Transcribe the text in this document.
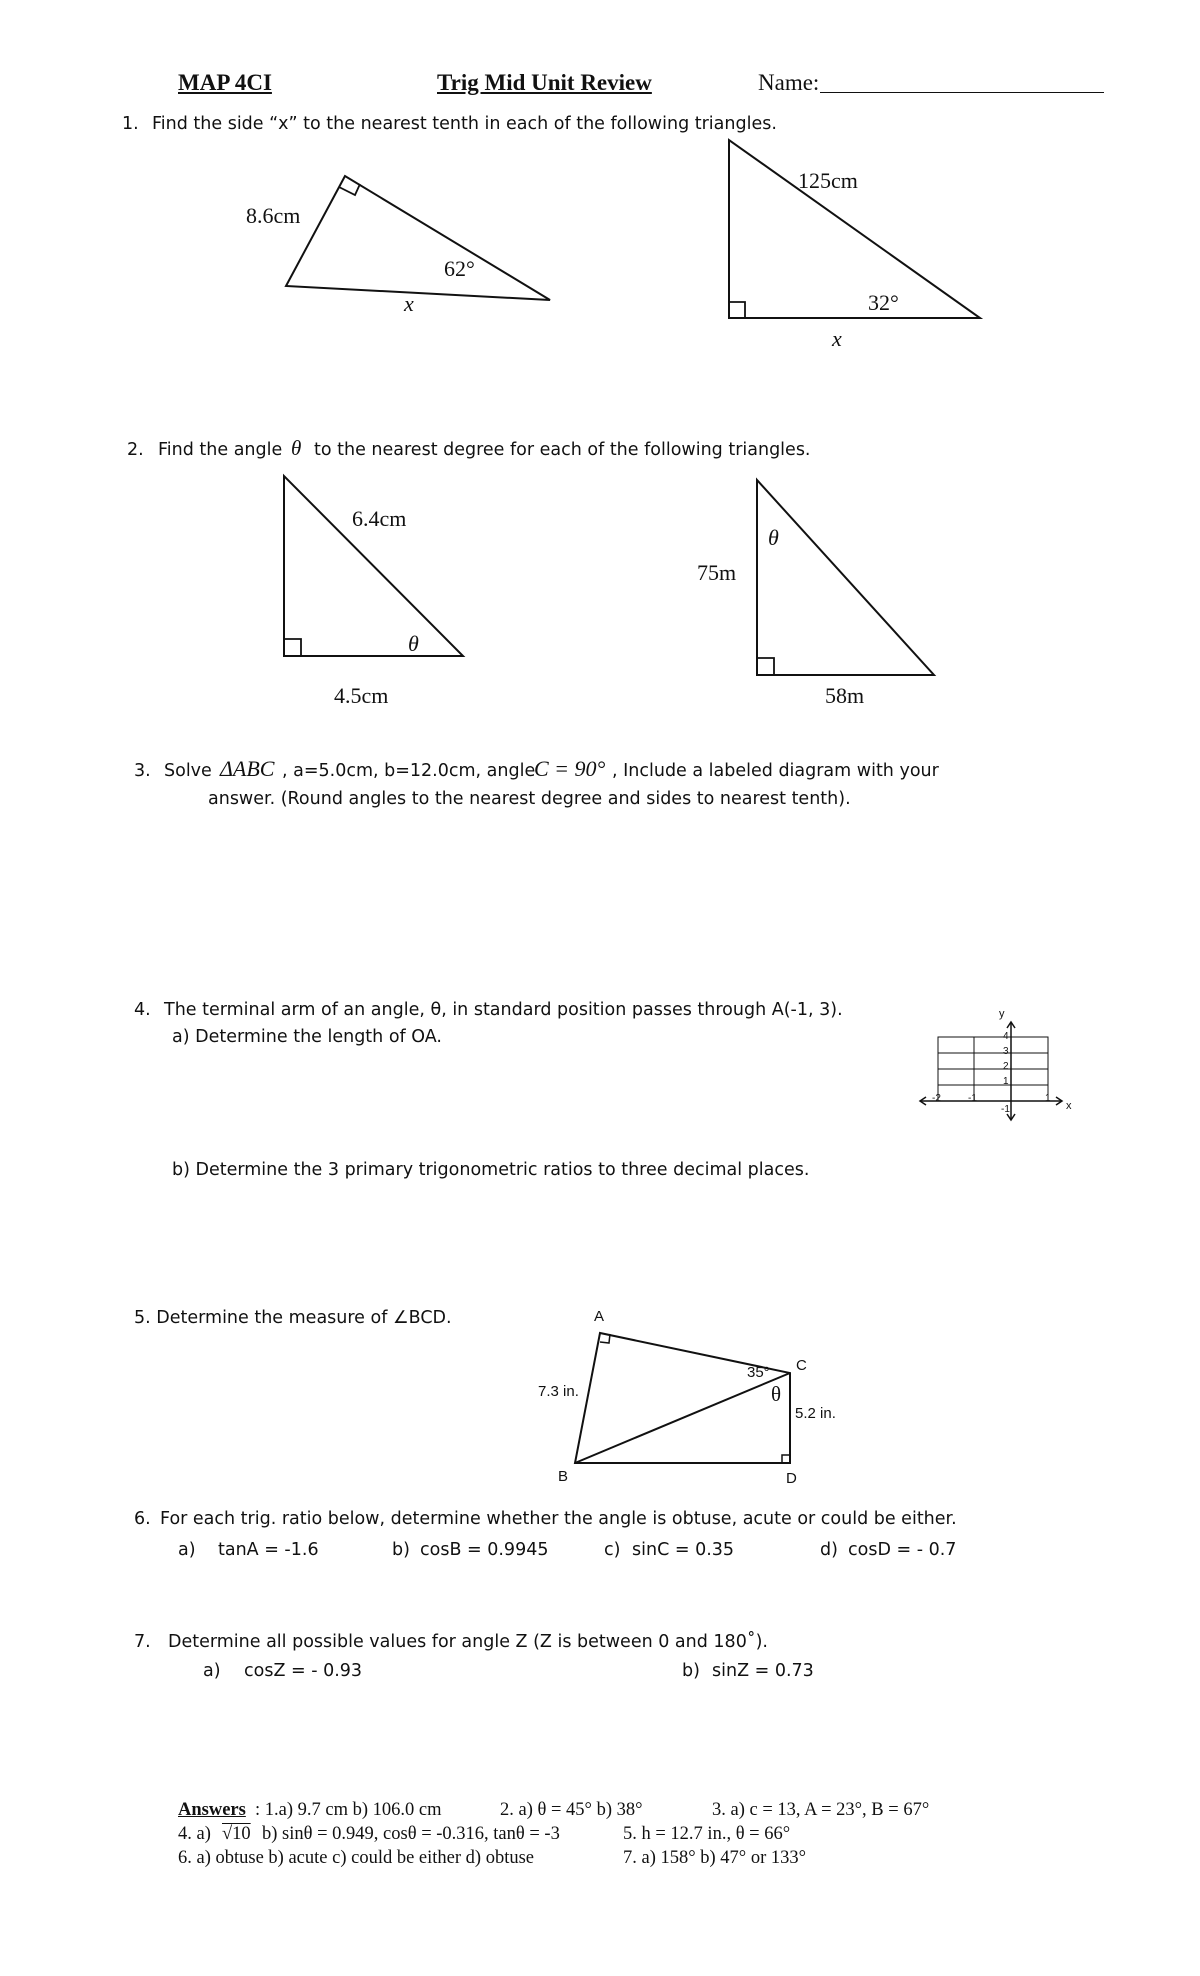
MAP 4CI	Trig Mid Unit Review	Name:
1. Find the side “x” to the nearest tenth in each of the following triangles.
8.6cm
62°
x
125cm
32°
x
2. Find the angle θ to the nearest degree for each of the following triangles.
6.4cm
θ
4.5cm
θ
75m
58m
3. Solve ΔABC , a=5.0cm, b=12.0cm, angle
C = 90° , Include a labeled diagram with your
answer. (Round angles to the nearest degree and sides to nearest tenth).
4. The terminal arm of an angle, θ, in standard position passes through A(-1, 3).
a) Determine the length of OA.
b) Determine the 3 primary trigonometric ratios to three decimal places.
y
x
4
3
2
1
-1
-2	-1	1
5. Determine the measure of ∠BCD.	A
B
C
D
7.3 in.
5.2 in.
35°
θ
6. For each trig. ratio below, determine whether the angle is obtuse, acute or could be either.
a) tanA = -1.6	b) cosB = 0.9945	c) sinC = 0.35	d) cosD = - 0.7
7. Determine all possible values for angle Z (Z is between 0 and 180˚).
a) cosZ = - 0.93	b) sinZ = 0.73
Answers : 1.a) 9.7 cm b) 106.0 cm	2. a) θ = 45° b) 38°	3. a) c = 13, A = 23°, B = 67°
4. a) √10 b) sinθ = 0.949, cosθ = -0.316, tanθ = -3	5. h = 12.7 in., θ = 66°
6. a) obtuse b) acute c) could be either d) obtuse	7. a) 158° b) 47° or 133°
